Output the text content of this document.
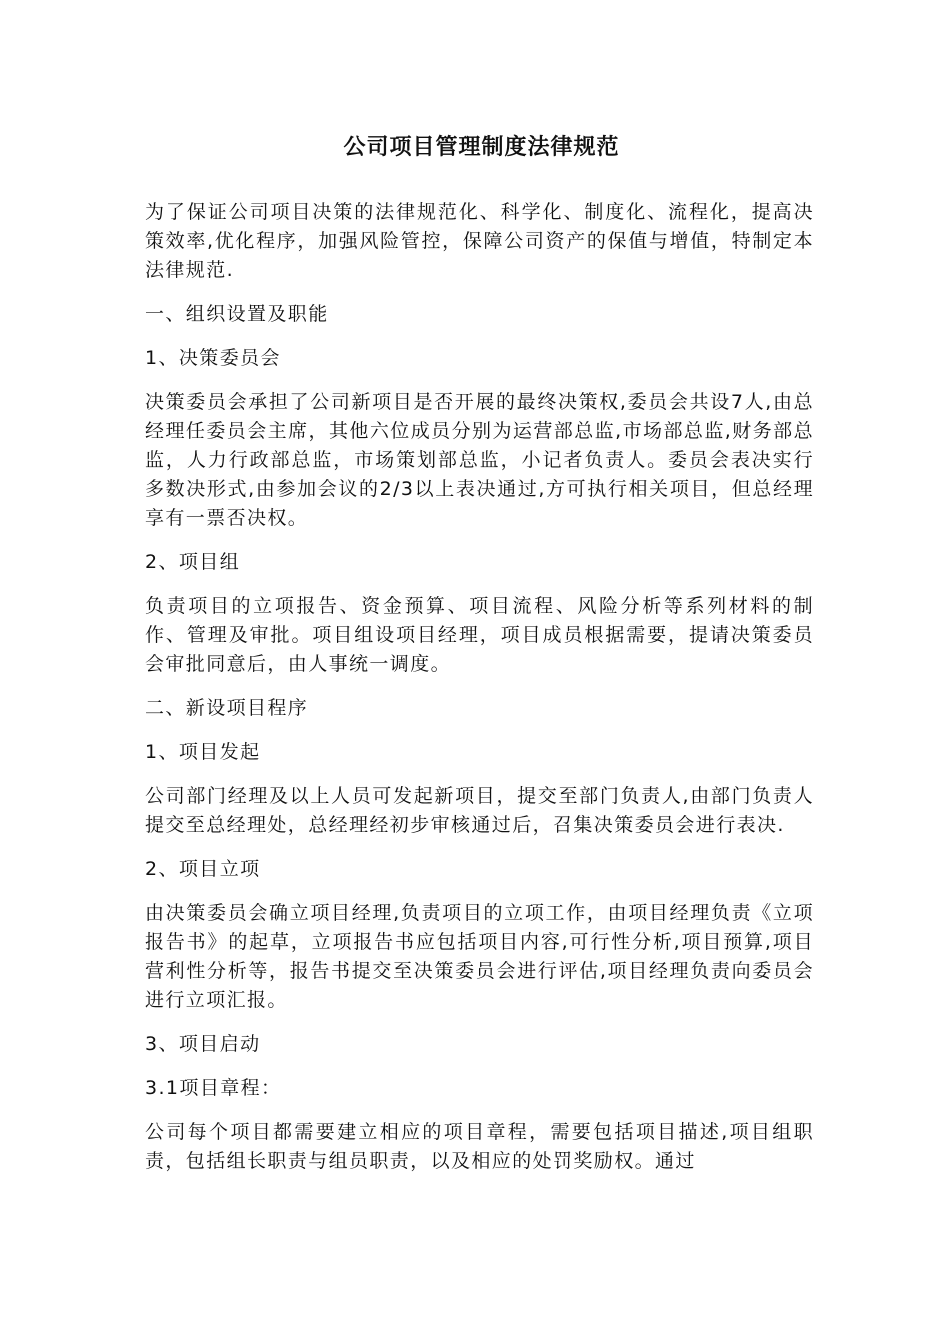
公司项目管理制度法律规范
为了保证公司项目决策的法律规范化、科学化、制度化、流程化，提高决策效率,优化程序，加强风险管控，保障公司资产的保值与增值，特制定本法律规范.
一、组织设置及职能
1、决策委员会
决策委员会承担了公司新项目是否开展的最终决策权,委员会共设7人,由总经理任委员会主席，其他六位成员分别为运营部总监,市场部总监,财务部总监，人力行政部总监，市场策划部总监，小记者负责人。委员会表决实行多数决形式,由参加会议的2/3以上表决通过,方可执行相关项目，但总经理享有一票否决权。
2、项目组
负责项目的立项报告、资金预算、项目流程、风险分析等系列材料的制作、管理及审批。项目组设项目经理，项目成员根据需要，提请决策委员会审批同意后，由人事统一调度。
二、新设项目程序
1、项目发起
公司部门经理及以上人员可发起新项目，提交至部门负责人,由部门负责人提交至总经理处，总经理经初步审核通过后，召集决策委员会进行表决.
2、项目立项
由决策委员会确立项目经理,负责项目的立项工作，由项目经理负责《立项报告书》的起草，立项报告书应包括项目内容,可行性分析,项目预算,项目营利性分析等，报告书提交至决策委员会进行评估,项目经理负责向委员会进行立项汇报。
3、项目启动
3.1项目章程：
公司每个项目都需要建立相应的项目章程，需要包括项目描述,项目组职责，包括组长职责与组员职责，以及相应的处罚奖励权。通过
